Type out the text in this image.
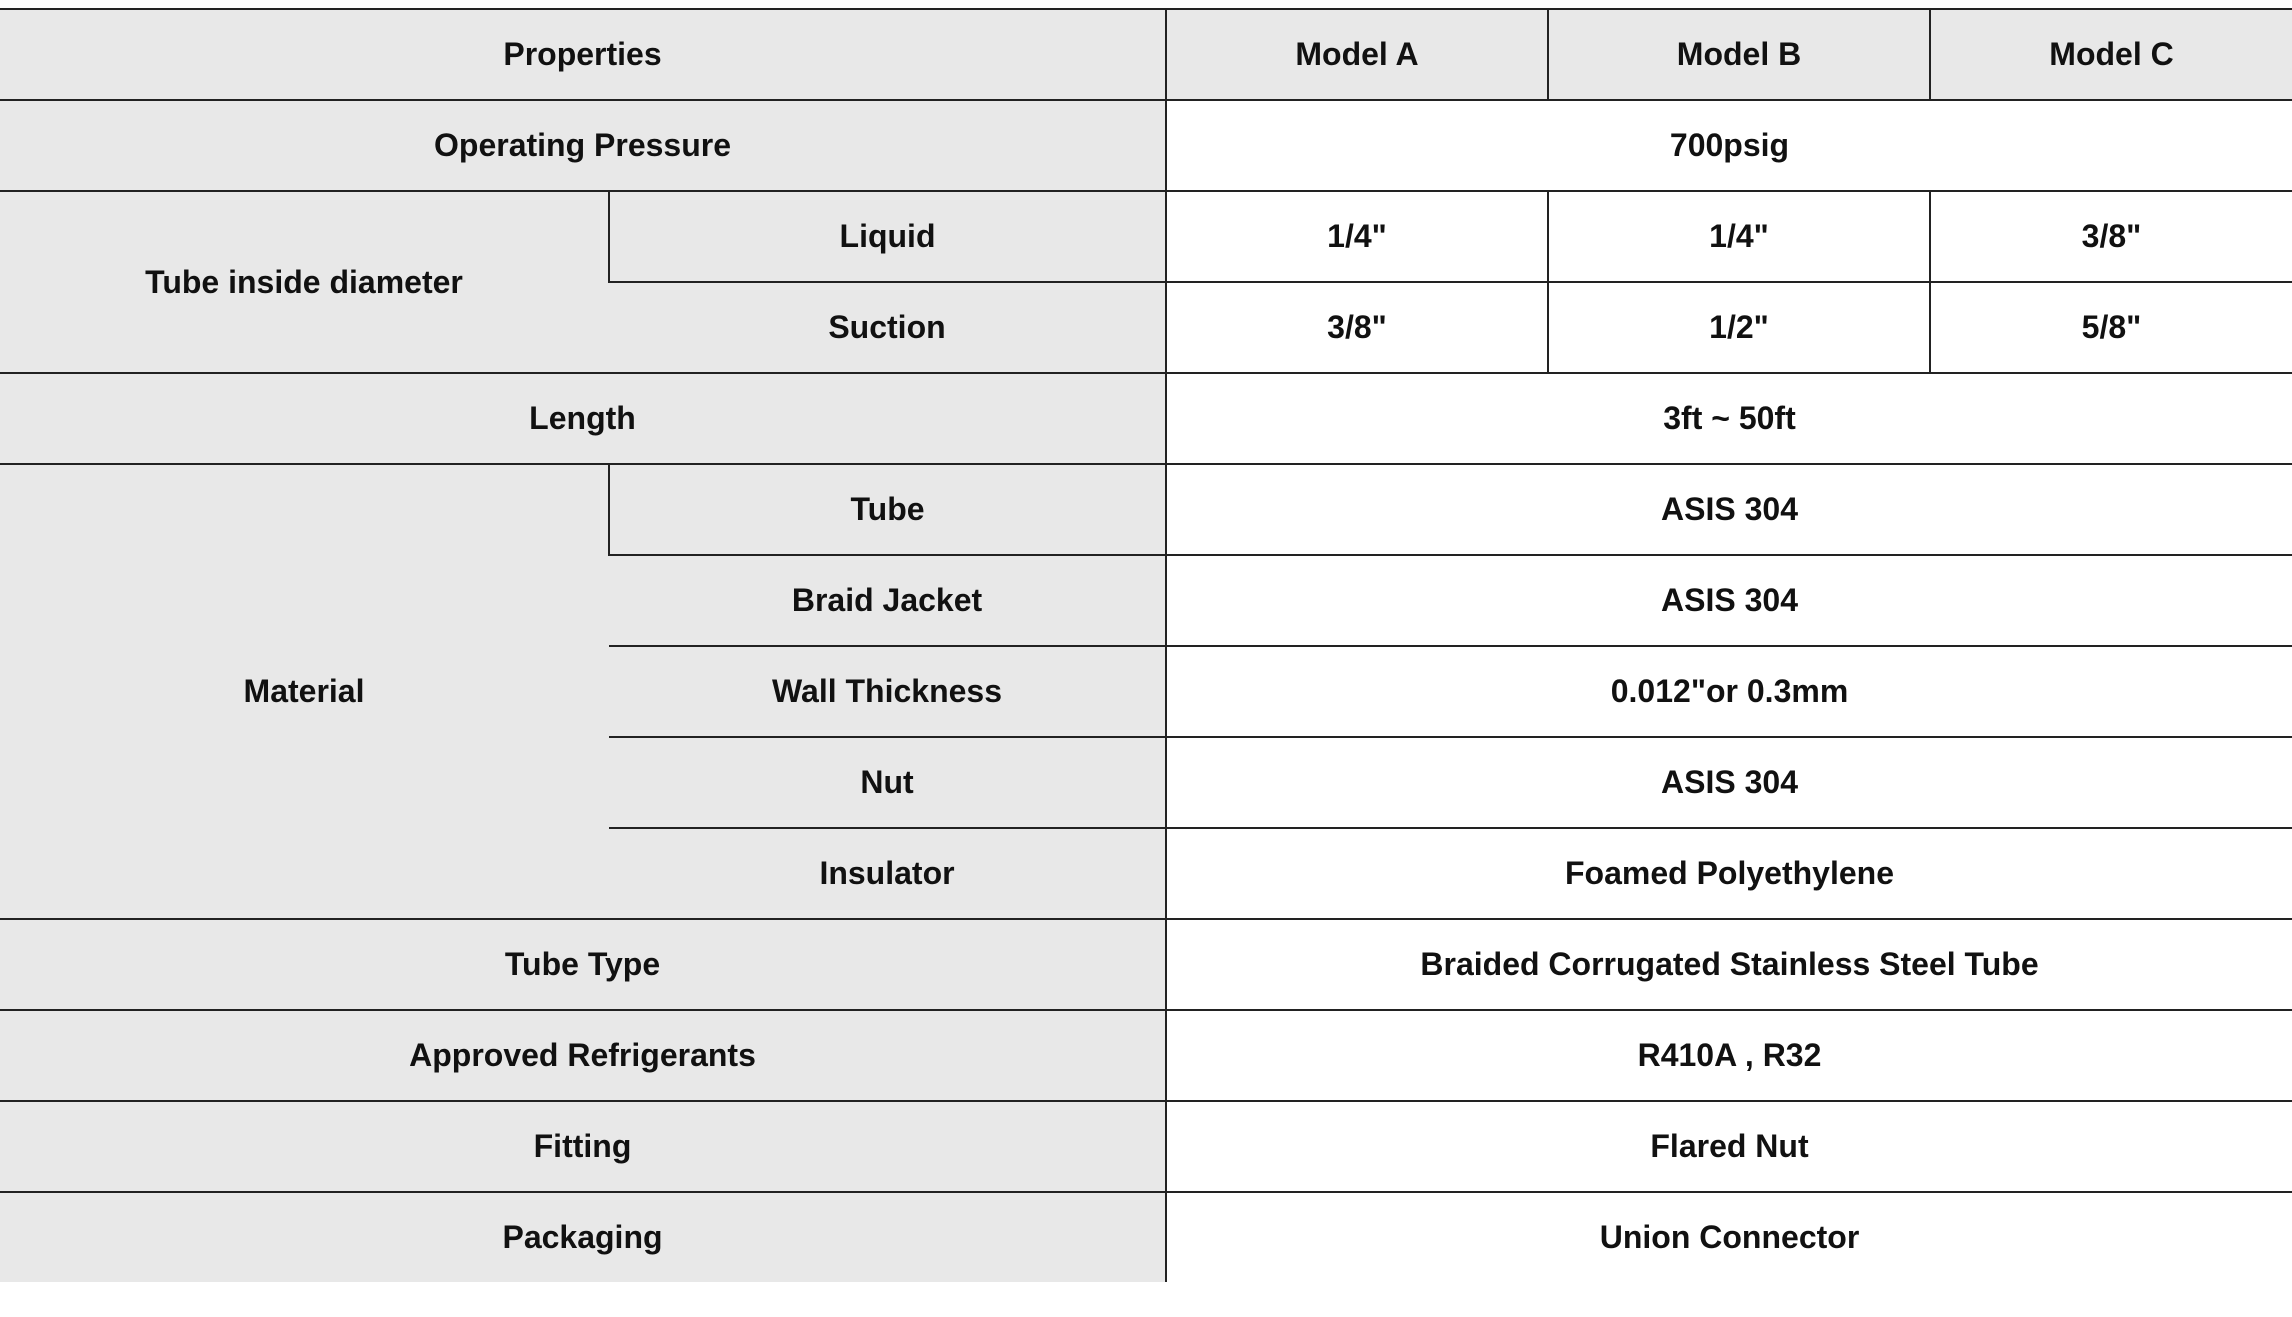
Properties		Model A	Model B	Model C
Operating Pressure		700psig		
Tube inside diameter	Liquid	1/4"	1/4"	3/8"
	Suction	3/8"	1/2"	5/8"
Length		3ft ~ 50ft		
Material	Tube	ASIS 304		
	Braid Jacket	ASIS 304		
	Wall Thickness	0.012"or 0.3mm		
	Nut	ASIS 304		
	Insulator	Foamed Polyethylene		
Tube Type		Braided Corrugated Stainless Steel Tube		
Approved Refrigerants		R410A , R32		
Fitting		Flared Nut		
Packaging		Union Connector		
